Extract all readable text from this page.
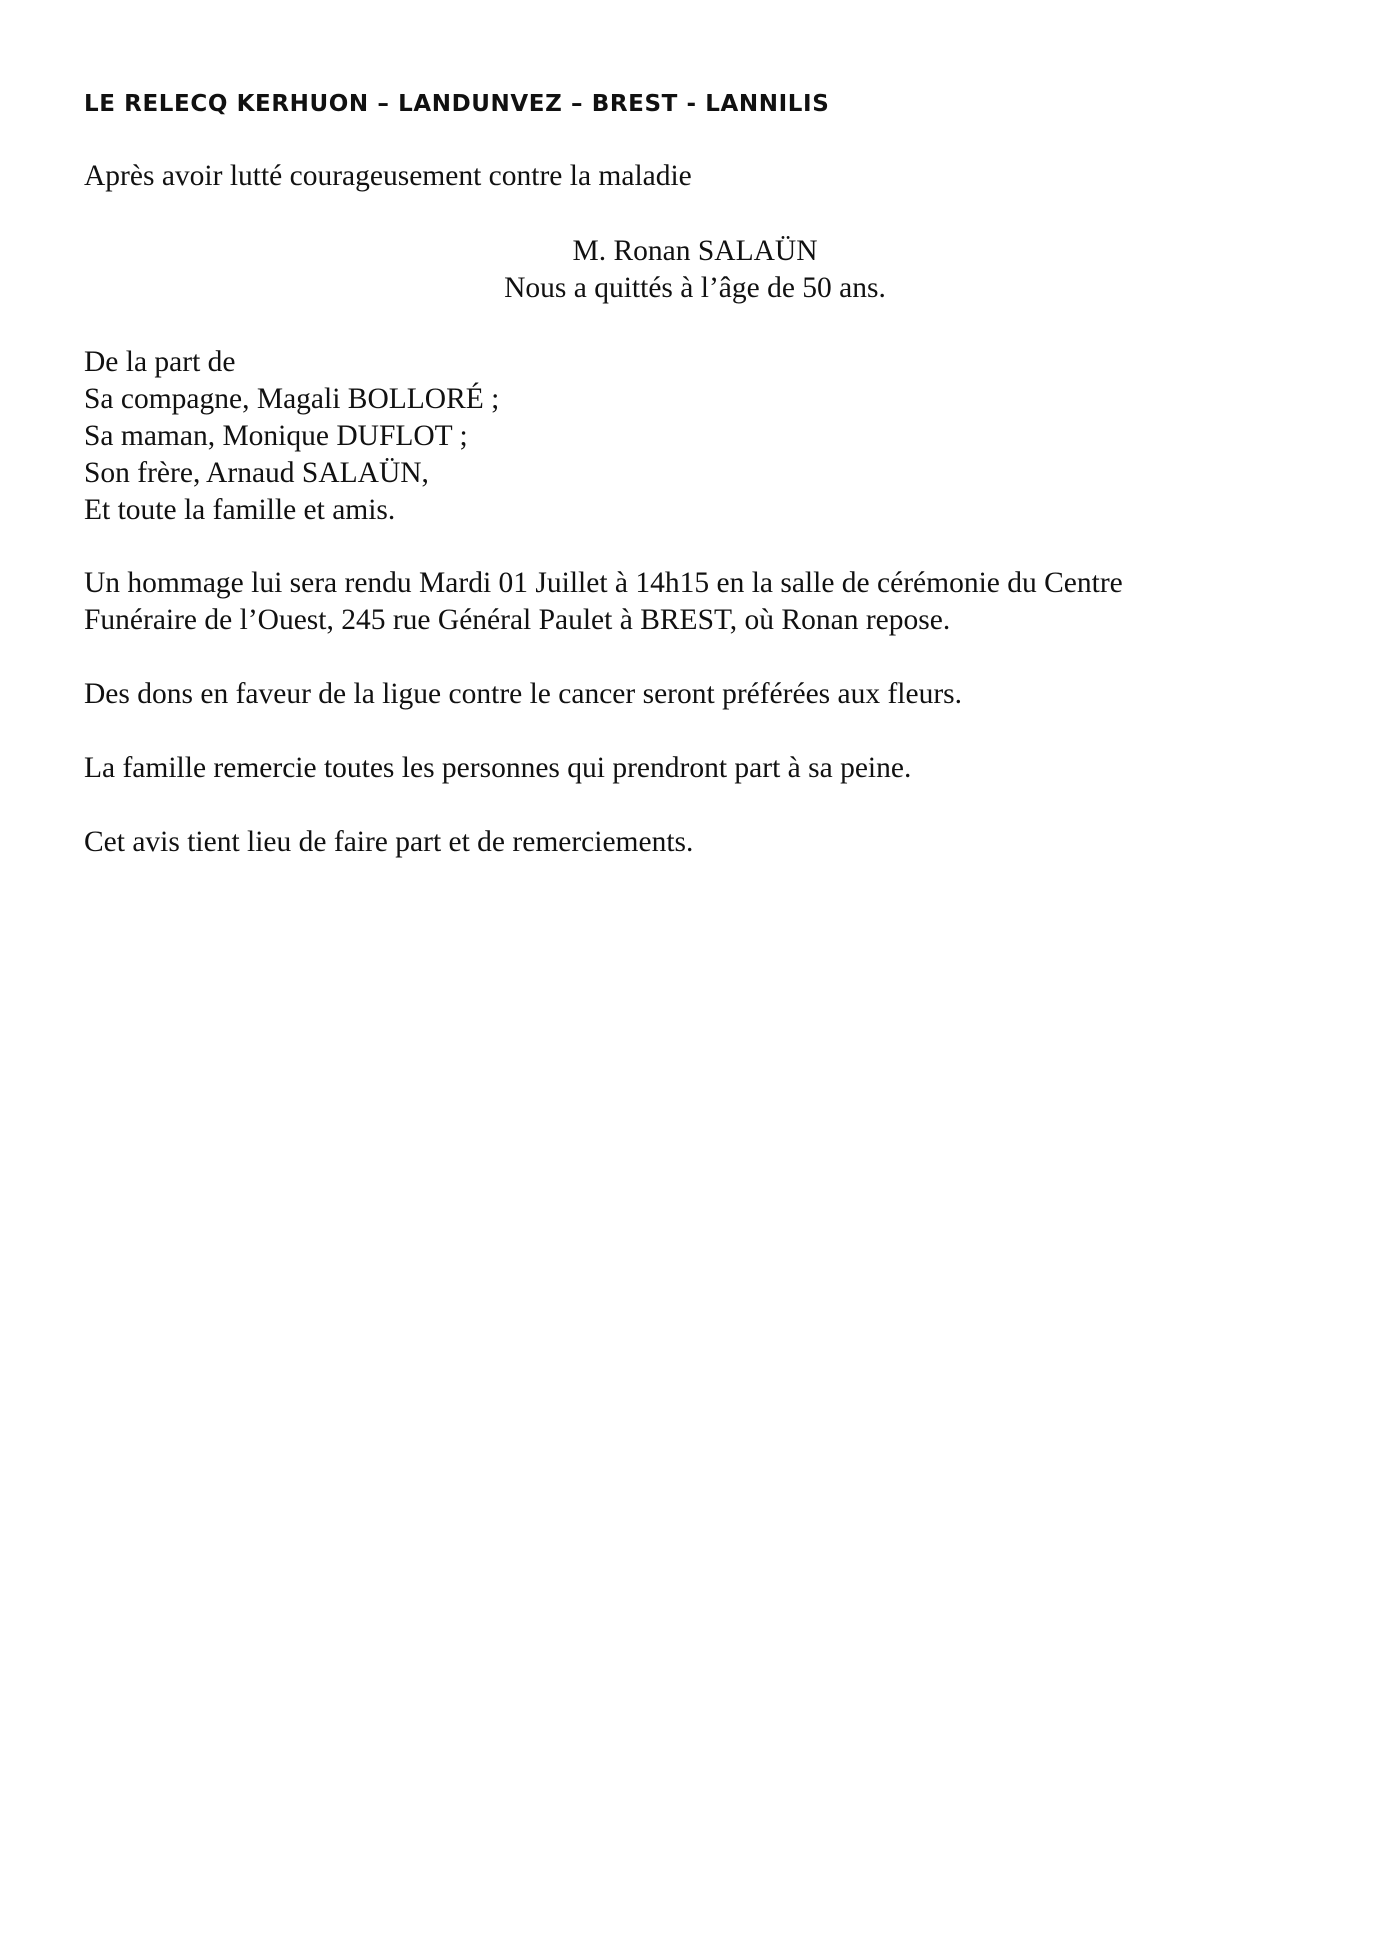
LE RELECQ KERHUON – LANDUNVEZ – BREST - LANNILIS

Après avoir lutté courageusement contre la maladie

M. Ronan SALAÜN
Nous a quittés à l’âge de 50 ans.
De la part de
Sa compagne, Magali BOLLORÉ ;
Sa maman, Monique DUFLOT ;
Son frère, Arnaud SALAÜN,
Et toute la famille et amis.
Un hommage lui sera rendu Mardi 01 Juillet à 14h15 en la salle de cérémonie du Centre
Funéraire de l’Ouest, 245 rue Général Paulet à BREST, où Ronan repose.

Des dons en faveur de la ligue contre le cancer seront préférées aux fleurs.

La famille remercie toutes les personnes qui prendront part à sa peine.

Cet avis tient lieu de faire part et de remerciements.
